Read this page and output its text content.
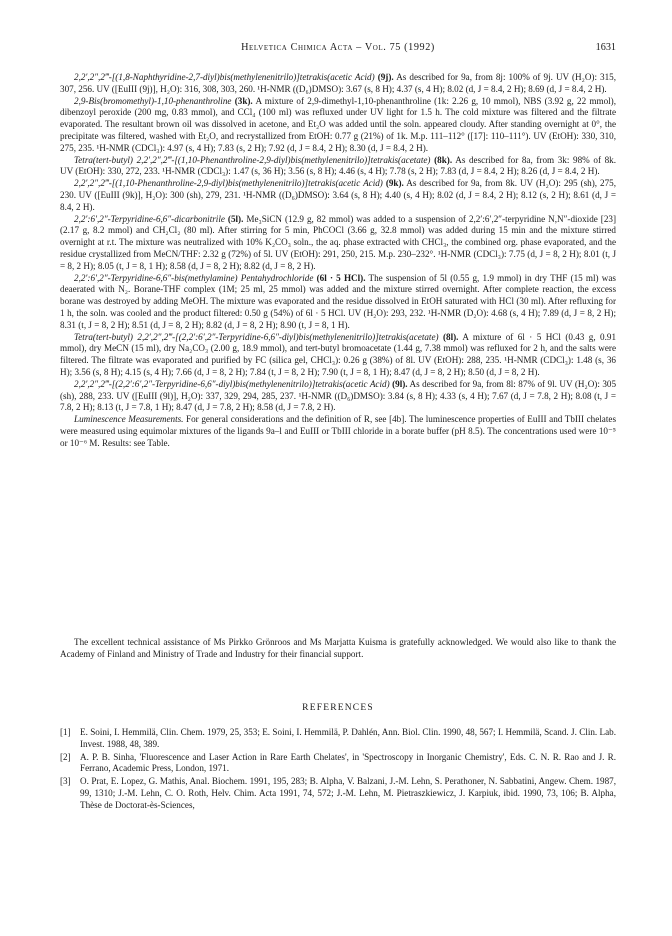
Helvetica Chimica Acta – Vol. 75 (1992)	1631

2,2′,2″,2‴-[(1,8-Naphthyridine-2,7-diyl)bis(methylenenitrilo)]tetrakis(acetic Acid) (9j). As described for 9a, from 8j: 100% of 9j. UV (H₂O): 315, 307, 256. UV ([EuIII (9j)], H₂O): 316, 308, 303, 260. ¹H-NMR ((D₆)DMSO): 3.67 (s, 8 H); 4.37 (s, 4 H); 8.02 (d, J = 8.4, 2 H); 8.69 (d, J = 8.4, 2 H).

2,9-Bis(bromomethyl)-1,10-phenanthroline (3k). A mixture of 2,9-dimethyl-1,10-phenanthroline (1k: 2.26 g, 10 mmol), NBS (3.92 g, 22 mmol), dibenzoyl peroxide (200 mg, 0.83 mmol), and CCl₄ (100 ml) was refluxed under UV light for 1.5 h. The cold mixture was filtered and the filtrate evaporated. The resultant brown oil was dissolved in acetone, and Et₂O was added until the soln. appeared cloudy. After standing overnight at 0°, the precipitate was filtered, washed with Et₂O, and recrystallized from EtOH: 0.77 g (21%) of 1k. M.p. 111–112° ([17]: 110–111°). UV (EtOH): 330, 310, 275, 235. ¹H-NMR (CDCl₃): 4.97 (s, 4 H); 7.83 (s, 2 H); 7.92 (d, J = 8.4, 2 H); 8.30 (d, J = 8.4, 2 H).

Tetra(tert-butyl) 2,2′,2″,2‴-[(1,10-Phenanthroline-2,9-diyl)bis(methylenenitrilo)]tetrakis(acetate) (8k). As described for 8a, from 3k: 98% of 8k. UV (EtOH): 330, 272, 233. ¹H-NMR (CDCl₃): 1.47 (s, 36 H); 3.56 (s, 8 H); 4.46 (s, 4 H); 7.78 (s, 2 H); 7.83 (d, J = 8.4, 2 H); 8.26 (d, J = 8.4, 2 H).

2,2′,2″,2‴-[(1,10-Phenanthroline-2,9-diyl)bis(methylenenitrilo)]tetrakis(acetic Acid) (9k). As described for 9a, from 8k. UV (H₂O): 295 (sh), 275, 230. UV ([EuIII (9k)], H₂O): 300 (sh), 279, 231. ¹H-NMR ((D₆)DMSO): 3.64 (s, 8 H); 4.40 (s, 4 H); 8.02 (d, J = 8.4, 2 H); 8.12 (s, 2 H); 8.61 (d, J = 8.4, 2 H).

2,2′:6′,2″-Terpyridine-6,6″-dicarbonitrile (5l). Me₃SiCN (12.9 g, 82 mmol) was added to a suspension of 2,2′:6′,2″-terpyridine N,N″-dioxide [23] (2.17 g, 8.2 mmol) and CH₂Cl₂ (80 ml). After stirring for 5 min, PhCOCl (3.66 g, 32.8 mmol) was added during 15 min and the mixture stirred overnight at r.t. The mixture was neutralized with 10% K₂CO₃ soln., the aq. phase extracted with CHCl₃, the combined org. phase evaporated, and the residue crystallized from MeCN/THF: 2.32 g (72%) of 5l. UV (EtOH): 291, 250, 215. M.p. 230–232°. ¹H-NMR (CDCl₃): 7.75 (d, J = 8, 2 H); 8.01 (t, J = 8, 2 H); 8.05 (t, J = 8, 1 H); 8.58 (d, J = 8, 2 H); 8.82 (d, J = 8, 2 H).

2,2′:6′,2″-Terpyridine-6,6″-bis(methylamine) Pentahydrochloride (6l · 5 HCl). The suspension of 5l (0.55 g, 1.9 mmol) in dry THF (15 ml) was deaerated with N₂. Borane-THF complex (1M; 25 ml, 25 mmol) was added and the mixture stirred overnight. After complete reaction, the excess borane was destroyed by adding MeOH. The mixture was evaporated and the residue dissolved in EtOH saturated with HCl (30 ml). After refluxing for 1 h, the soln. was cooled and the product filtered: 0.50 g (54%) of 6l · 5 HCl. UV (H₂O): 293, 232. ¹H-NMR (D₂O): 4.68 (s, 4 H); 7.89 (d, J = 8, 2 H); 8.31 (t, J = 8, 2 H); 8.51 (d, J = 8, 2 H); 8.82 (d, J = 8, 2 H); 8.90 (t, J = 8, 1 H).

Tetra(tert-butyl) 2,2′,2″,2‴-[(2,2′:6′,2″-Terpyridine-6,6″-diyl)bis(methylenenitrilo)]tetrakis(acetate) (8l). A mixture of 6l · 5 HCl (0.43 g, 0.91 mmol), dry MeCN (15 ml), dry Na₂CO₃ (2.00 g, 18.9 mmol), and tert-butyl bromoacetate (1.44 g, 7.38 mmol) was refluxed for 2 h, and the salts were filtered. The filtrate was evaporated and purified by FC (silica gel, CHCl₃): 0.26 g (38%) of 8l. UV (EtOH): 288, 235. ¹H-NMR (CDCl₃): 1.48 (s, 36 H); 3.56 (s, 8 H); 4.15 (s, 4 H); 7.66 (d, J = 8, 2 H); 7.84 (t, J = 8, 2 H); 7.90 (t, J = 8, 1 H); 8.47 (d, J = 8, 2 H); 8.50 (d, J = 8, 2 H).

2,2′,2″,2‴-[(2,2′:6′,2″-Terpyridine-6,6″-diyl)bis(methylenenitrilo)]tetrakis(acetic Acid) (9l). As described for 9a, from 8l: 87% of 9l. UV (H₂O): 305 (sh), 288, 233. UV ([EuIII (9l)], H₂O): 337, 329, 294, 285, 237. ¹H-NMR ((D₆)DMSO): 3.84 (s, 8 H); 4.33 (s, 4 H); 7.67 (d, J = 7.8, 2 H); 8.08 (t, J = 7.8, 2 H); 8.13 (t, J = 7.8, 1 H); 8.47 (d, J = 7.8, 2 H); 8.58 (d, J = 7.8, 2 H).

Luminescence Measurements. For general considerations and the definition of R, see [4b]. The luminescence properties of EuIII and TbIII chelates were measured using equimolar mixtures of the ligands 9a–l and EuIII or TbIII chloride in a borate buffer (pH 8.5). The concentrations used were 10⁻⁵ or 10⁻⁶ M. Results: see Table.

The excellent technical assistance of Ms Pirkko Grönroos and Ms Marjatta Kuisma is gratefully acknowledged. We would also like to thank the Academy of Finland and Ministry of Trade and Industry for their financial support.

REFERENCES
[1] E. Soini, I. Hemmilä, Clin. Chem. 1979, 25, 353; E. Soini, I. Hemmilä, P. Dahlén, Ann. Biol. Clin. 1990, 48, 567; I. Hemmilä, Scand. J. Clin. Lab. Invest. 1988, 48, 389.
[2] A. P. B. Sinha, 'Fluorescence and Laser Action in Rare Earth Chelates', in 'Spectroscopy in Inorganic Chemistry', Eds. C. N. R. Rao and J. R. Ferrano, Academic Press, London, 1971.
[3] O. Prat, E. Lopez, G. Mathis, Anal. Biochem. 1991, 195, 283; B. Alpha, V. Balzani, J.-M. Lehn, S. Perathoner, N. Sabbatini, Angew. Chem. 1987, 99, 1310; J.-M. Lehn, C. O. Roth, Helv. Chim. Acta 1991, 74, 572; J.-M. Lehn, M. Pietraszkiewicz, J. Karpiuk, ibid. 1990, 73, 106; B. Alpha, Thèse de Doctorat-ès-Sciences,
